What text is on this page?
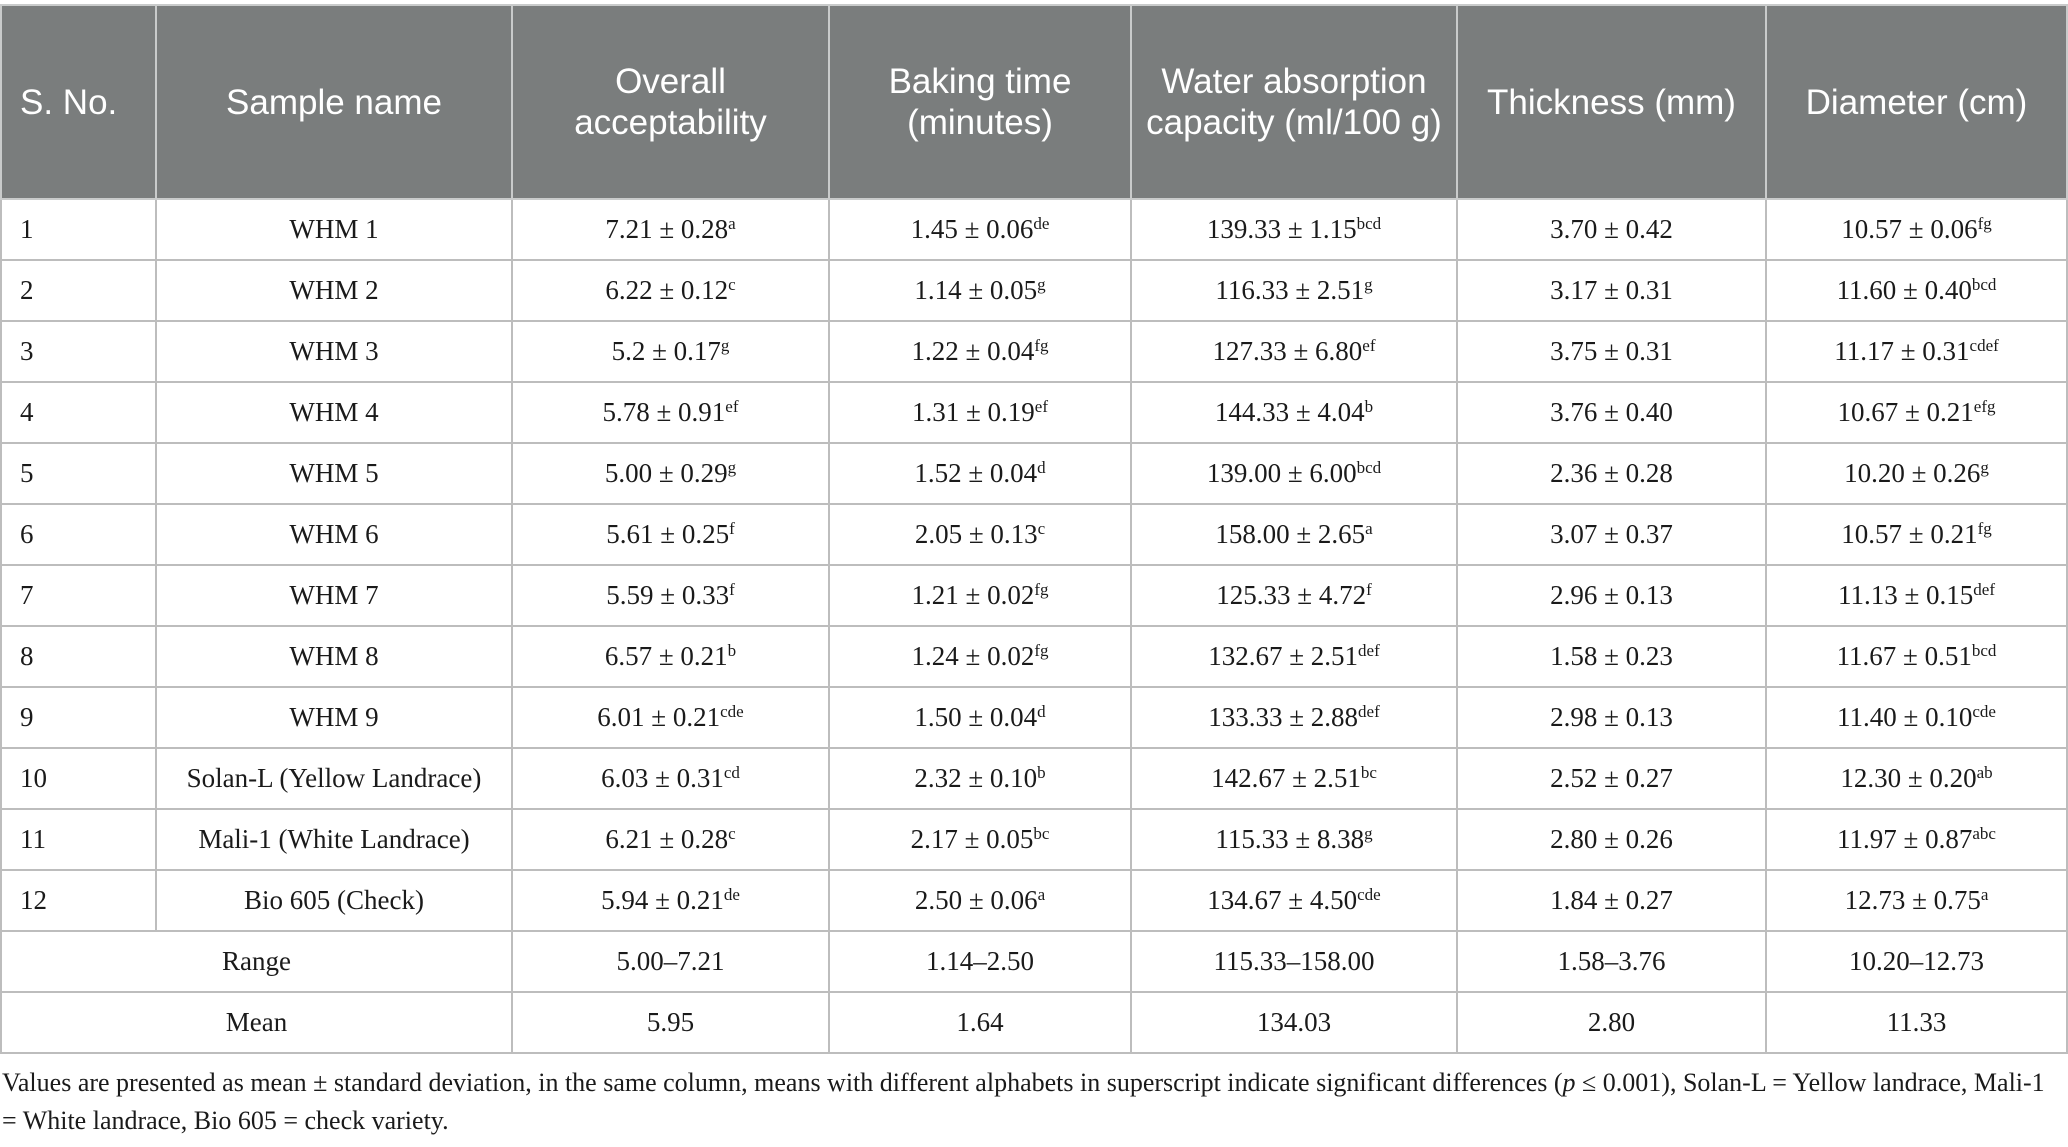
S. No.	Sample name	Overall acceptability	Baking time (minutes)	Water absorption capacity (ml/100 g)	Thickness (mm)	Diameter (cm)
1	WHM 1	7.21 ± 0.28$^a$	1.45 ± 0.06de	139.33 ± 1.15$^{bcd}$	3.70 ± 0.42	10.57 ± 0.06$^{fg}$
2	WHM 2	6.22 ± 0.12$^c$	1.14 ± 0.05$^g$	116.33 ± 2.51$^g$	3.17 ± 0.31	11.60 ± 0.40$^{bcd}$
3	WHM 3	5.2 ± 0.17$^g$	1.22 ± 0.04$^{fg}$	127.33 ± 6.80$^{ef}$	3.75 ± 0.31	$11.17 \pm 0.31^{cdef}$
4	WHM 4	5.78 ± 0.91$^{ef}$	1.31 ± 0.19$^{ef}$	144.33 ± 4.04$^b$	3.76 ± 0.40	10.67 ± 0.21$^{efg}$
5	WHM 5	5.00 ± 0.29$^g$	1.52 ± 0.04$^d$	139.00 ± 6.00$^{bcd}$	2.36 ± 0.28	10.20 ± 0.26$^g$
6	WHM 6	5.61 ± 0.25$^f$	2.05 ± 0.13$^c$	158.00 ± 2.65$^a$	3.07 ± 0.37	10.57 ± 0.21$^{fg}$
7	WHM 7	5.59 ± 0.33$^f$	1.21 ± 0.02$^{fg}$	125.33 ± 4.72$^f$	2.96 ± 0.13	11.13 ± 0.15$^{def}$
8	WHM 8	6.57 ± 0.21$^b$	1.24 ± 0.02$^{fg}$	132.67 ± 2.51$^{def}$	1.58 ± 0.23	11.67 ± 0.51$^{bcd}$
9	WHM 9	6.01 ± 0.21$^{cde}$	1.50 ± 0.04$^d$	133.33 ± 2.88$^{def}$	2.98 ± 0.13	11.40 ± 0.10$^{cde}$
10	Solan-L (Yellow Landrace)	6.03 ± 0.31$^{cd}$	2.32 ± 0.10$^b$	142.67 ± 2.51$^{bc}$	2.52 ± 0.27	12.30 ± 0.20$^{ab}$
11	Mali-1 (White Landrace)	6.21 ± 0.28$^c$	2.17 ± 0.05$^{bc}$	115.33 ± 8.38$^g$	2.80 ± 0.26	11.97 ± 0.87$^{abc}$
12	Bio 605 (Check)	5.94 ± 0.21de	2.50 ± 0.06$^a$	134.67 ± 4.50$^{cde}$	1.84 ± 0.27	12.73 ± 0.75$^a$
Range		5.00–7.21	1.14–2.50	115.33–158.00	1.58–3.76	10.20–12.73
Mean		5.95	1.64	134.03	2.80	11.33
Values are presented as mean ± standard deviation, in the same column, means with different alphabets in superscript indicate significant differences (p ≤ 0.001), Solan-L = Yellow landrace, Mali-1 = White landrace, Bio 605 = check variety.
